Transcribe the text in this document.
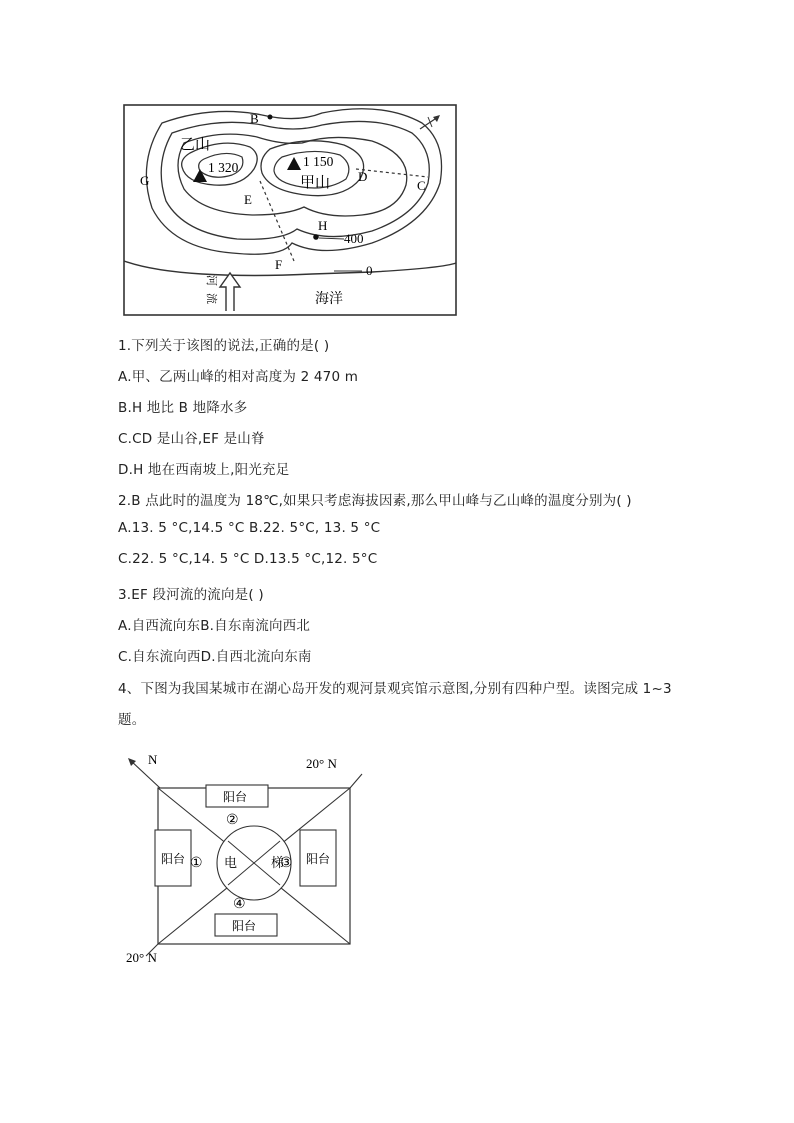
乙山
甲山
1 320	1 150
B
C
D
E
F
G
H
400
0
海洋
河
流
1.下列关于该图的说法,正确的是( )
A.甲、乙两山峰的相对高度为 2 470 m
B.H 地比 B 地降水多
C.CD 是山谷,EF 是山脊
D.H 地在西南坡上,阳光充足
2.B 点此时的温度为 18℃,如果只考虑海拔因素,那么甲山峰与乙山峰的温度分别为( )
A.13. 5 °C,14.5 °C B.22. 5°C, 13. 5 °C
C.22. 5 °C,14. 5 °C D.13.5 °C,12. 5°C
3.EF 段河流的流向是( )
A.自西流向东B.自东南流向西北
C.自东流向西D.自西北流向东南
4、下图为我国某城市在湖心岛开发的观河景观宾馆示意图,分别有四种户型。读图完成 1~3
题。
N	20° N
20° N
阳台
阳台
阳台	阳台
电	梯
①
②
③
④
